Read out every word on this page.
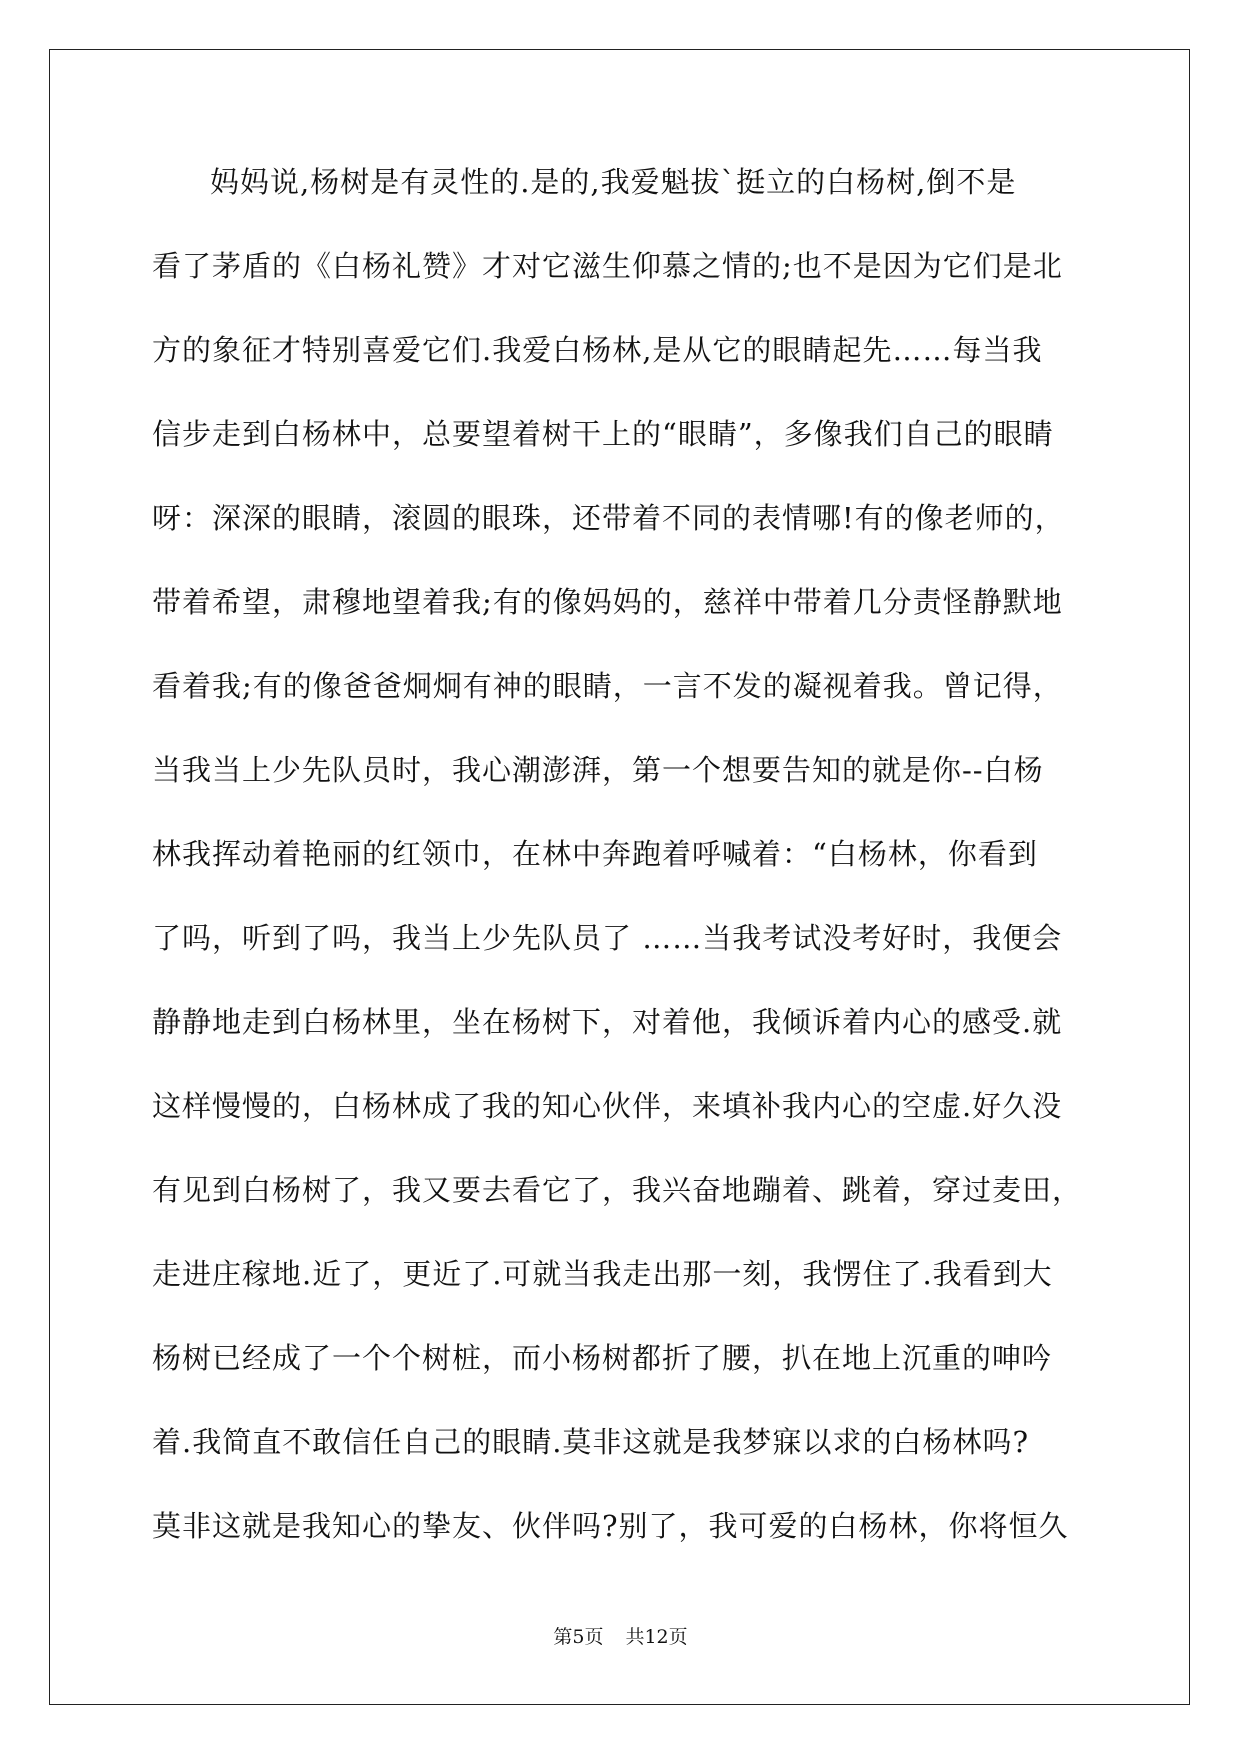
妈妈说,杨树是有灵性的.是的,我爱魁拔`挺立的白杨树,倒不是
看了茅盾的《白杨礼赞》才对它滋生仰慕之情的;也不是因为它们是北
方的象征才特别喜爱它们.我爱白杨林,是从它的眼睛起先……每当我
信步走到白杨林中，总要望着树干上的“眼睛”，多像我们自己的眼睛
呀：深深的眼睛，滚圆的眼珠，还带着不同的表情哪!有的像老师的，
带着希望，肃穆地望着我;有的像妈妈的，慈祥中带着几分责怪静默地
看着我;有的像爸爸炯炯有神的眼睛，一言不发的凝视着我。曾记得，
当我当上少先队员时，我心潮澎湃，第一个想要告知的就是你--白杨
林我挥动着艳丽的红领巾，在林中奔跑着呼喊着：“白杨林，你看到
了吗，听到了吗，我当上少先队员了 ……当我考试没考好时，我便会
静静地走到白杨林里，坐在杨树下，对着他，我倾诉着内心的感受.就
这样慢慢的，白杨林成了我的知心伙伴，来填补我内心的空虚.好久没
有见到白杨树了，我又要去看它了，我兴奋地蹦着、跳着，穿过麦田，
走进庄稼地.近了，更近了.可就当我走出那一刻，我愣住了.我看到大
杨树已经成了一个个树桩，而小杨树都折了腰，扒在地上沉重的呻吟
着.我简直不敢信任自己的眼睛.莫非这就是我梦寐以求的白杨林吗?
莫非这就是我知心的挚友、伙伴吗?别了，我可爱的白杨林，你将恒久
第5页 共12页
